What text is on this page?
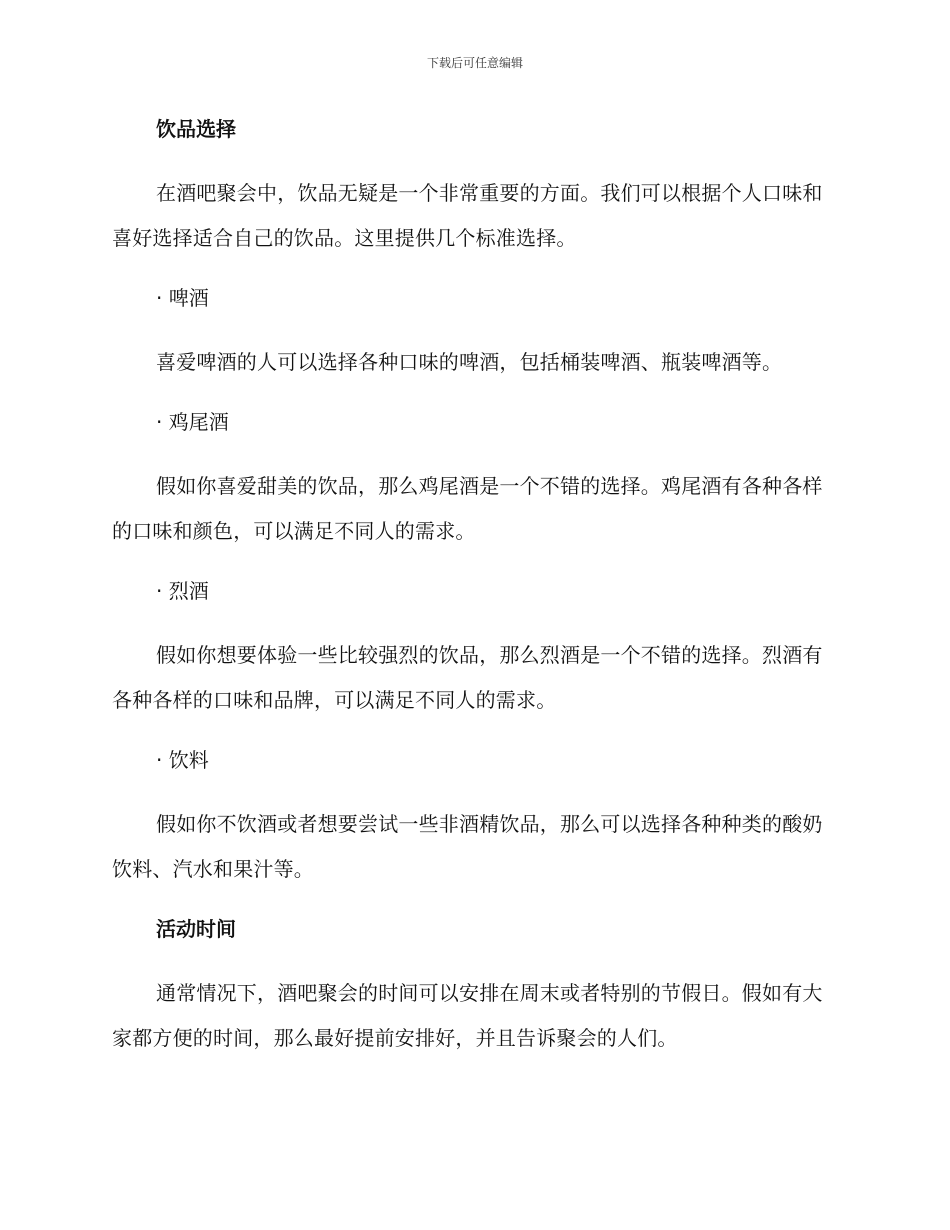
下载后可任意编辑
饮品选择

在酒吧聚会中，饮品无疑是一个非常重要的方面。我们可以根据个人口味和喜好选择适合自己的饮品。这里提供几个标准选择。

· 啤酒

喜爱啤酒的人可以选择各种口味的啤酒，包括桶装啤酒、瓶装啤酒等。

· 鸡尾酒

假如你喜爱甜美的饮品，那么鸡尾酒是一个不错的选择。鸡尾酒有各种各样的口味和颜色，可以满足不同人的需求。

· 烈酒

假如你想要体验一些比较强烈的饮品，那么烈酒是一个不错的选择。烈酒有各种各样的口味和品牌，可以满足不同人的需求。

· 饮料

假如你不饮酒或者想要尝试一些非酒精饮品，那么可以选择各种种类的酸奶饮料、汽水和果汁等。

活动时间

通常情况下，酒吧聚会的时间可以安排在周末或者特别的节假日。假如有大家都方便的时间，那么最好提前安排好，并且告诉聚会的人们。
